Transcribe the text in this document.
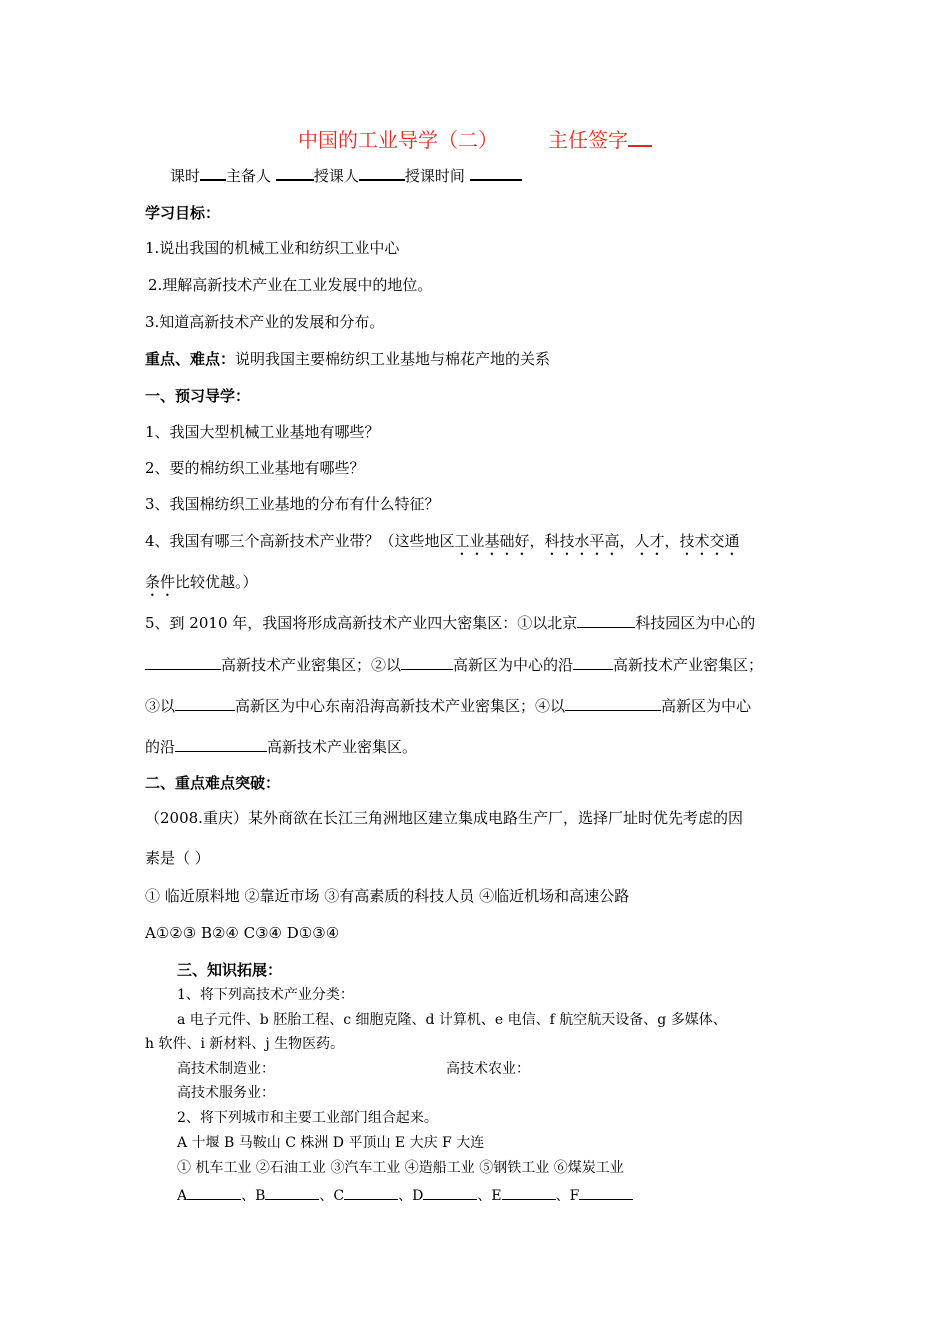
中国的工业导学（二）	主任签字
课时 主备人	授课人	授课时间
学习目标：
1.说出我国的机械工业和纺织工业中心
2.理解高新技术产业在工业发展中的地位。
3.知道高新技术产业的发展和分布。
重点、难点：说明我国主要棉纺织工业基地与棉花产地的关系
一、预习导学：
1、我国大型机械工业基地有哪些？
2、要的棉纺织工业基地有哪些？
3、我国棉纺织工业基地的分布有什么特征？
4、我国有哪三个高新技术产业带？（这些地区工业基础好，科技水平高，人才，技术交通
条件比较优越。）
5、到 2010 年，我国将形成高新技术产业四大密集区：①以北京	科技园区为中心的
高新技术产业密集区；②以	高新区为中心的沿	高新技术产业密集区；
③以	高新区为中心东南沿海高新技术产业密集区；④以	高新区为中心
的沿	高新技术产业密集区。
二、重点难点突破：
（2008.重庆）某外商欲在长江三角洲地区建立集成电路生产厂，选择厂址时优先考虑的因
素是（ ）
① 临近原料地 ②靠近市场 ③有高素质的科技人员 ④临近机场和高速公路
A①②③ B②④ C③④ D①③④
三、知识拓展：
1、将下列高技术产业分类：
a 电子元件、b 胚胎工程、c 细胞克隆、d 计算机、e 电信、f 航空航天设备、g 多媒体、
h 软件、i 新材料、j 生物医药。
高技术制造业：	高技术农业：
高技术服务业：
2、将下列城市和主要工业部门组合起来。
A 十堰 B 马鞍山 C 株洲 D 平顶山 E 大庆 F 大连
① 机车工业 ②石油工业 ③汽车工业 ④造船工业 ⑤钢铁工业 ⑥煤炭工业
A	、B	、C	、D	、E	、F
